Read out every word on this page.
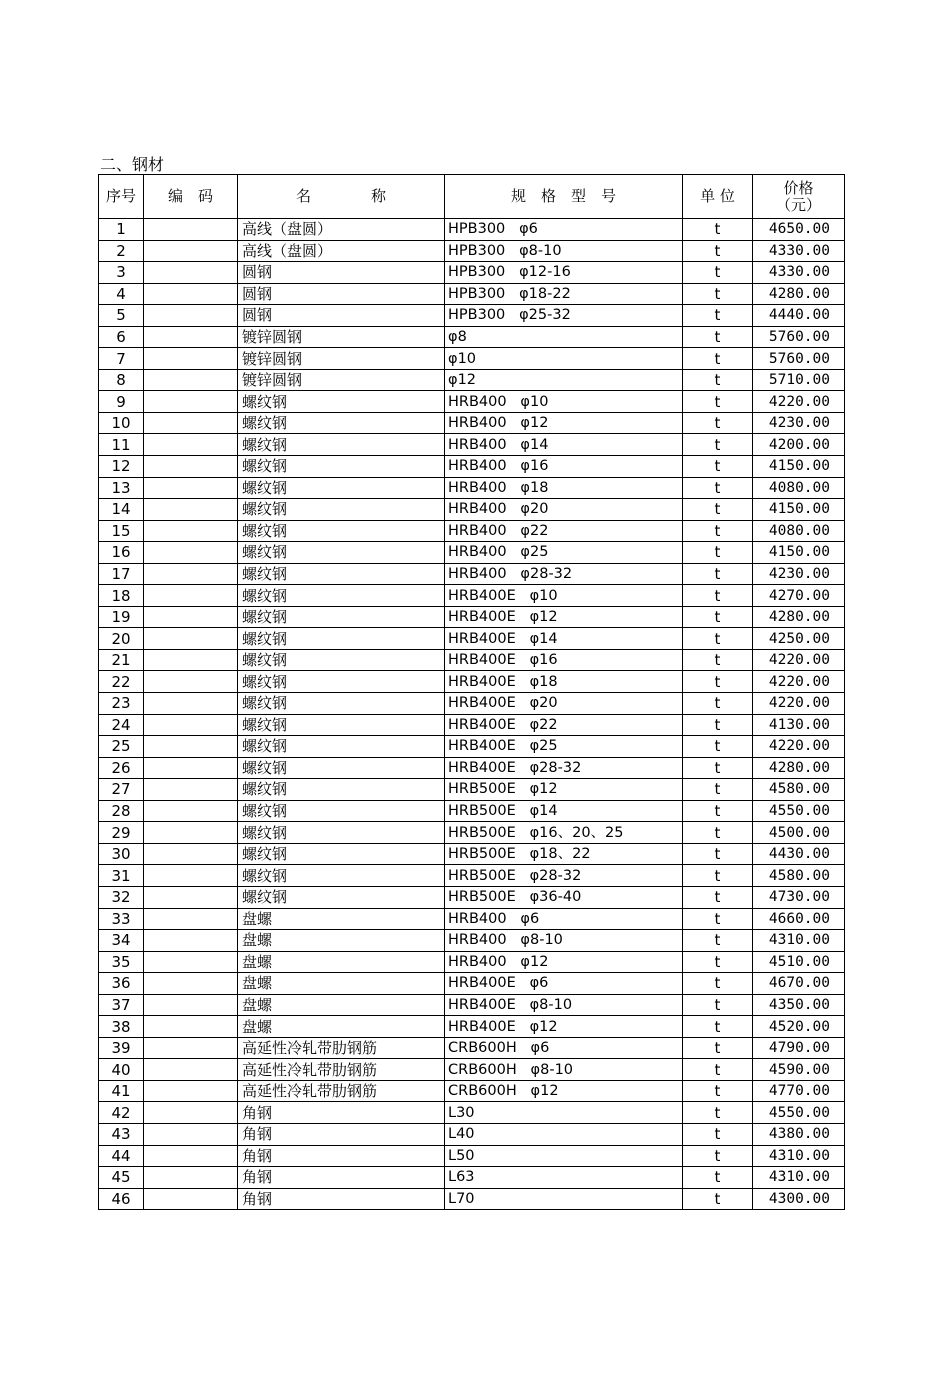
二、钢材
序号	编　码	名　　　　称	规　格　型　号	单 位	价格
（元）

1		高线（盘圆）	HPB300   φ6	t	4650.00
2		高线（盘圆）	HPB300   φ8-10	t	4330.00
3		圆钢	HPB300   φ12-16	t	4330.00
4		圆钢	HPB300   φ18-22	t	4280.00
5		圆钢	HPB300   φ25-32	t	4440.00
6		镀锌圆钢	φ8	t	5760.00
7		镀锌圆钢	φ10	t	5760.00
8		镀锌圆钢	φ12	t	5710.00
9		螺纹钢	HRB400   φ10	t	4220.00
10		螺纹钢	HRB400   φ12	t	4230.00
11		螺纹钢	HRB400   φ14	t	4200.00
12		螺纹钢	HRB400   φ16	t	4150.00
13		螺纹钢	HRB400   φ18	t	4080.00
14		螺纹钢	HRB400   φ20	t	4150.00
15		螺纹钢	HRB400   φ22	t	4080.00
16		螺纹钢	HRB400   φ25	t	4150.00
17		螺纹钢	HRB400   φ28-32	t	4230.00
18		螺纹钢	HRB400E   φ10	t	4270.00
19		螺纹钢	HRB400E   φ12	t	4280.00
20		螺纹钢	HRB400E   φ14	t	4250.00
21		螺纹钢	HRB400E   φ16	t	4220.00
22		螺纹钢	HRB400E   φ18	t	4220.00
23		螺纹钢	HRB400E   φ20	t	4220.00
24		螺纹钢	HRB400E   φ22	t	4130.00
25		螺纹钢	HRB400E   φ25	t	4220.00
26		螺纹钢	HRB400E   φ28-32	t	4280.00
27		螺纹钢	HRB500E   φ12	t	4580.00
28		螺纹钢	HRB500E   φ14	t	4550.00
29		螺纹钢	HRB500E   φ16、20、25	t	4500.00
30		螺纹钢	HRB500E   φ18、22	t	4430.00
31		螺纹钢	HRB500E   φ28-32	t	4580.00
32		螺纹钢	HRB500E   φ36-40	t	4730.00
33		盘螺	HRB400   φ6	t	4660.00
34		盘螺	HRB400   φ8-10	t	4310.00
35		盘螺	HRB400   φ12	t	4510.00
36		盘螺	HRB400E   φ6	t	4670.00
37		盘螺	HRB400E   φ8-10	t	4350.00
38		盘螺	HRB400E   φ12	t	4520.00
39		高延性冷轧带肋钢筋	CRB600H   φ6	t	4790.00
40		高延性冷轧带肋钢筋	CRB600H   φ8-10	t	4590.00
41		高延性冷轧带肋钢筋	CRB600H   φ12	t	4770.00
42		角钢	L30	t	4550.00
43		角钢	L40	t	4380.00
44		角钢	L50	t	4310.00
45		角钢	L63	t	4310.00
46		角钢	L70	t	4300.00
